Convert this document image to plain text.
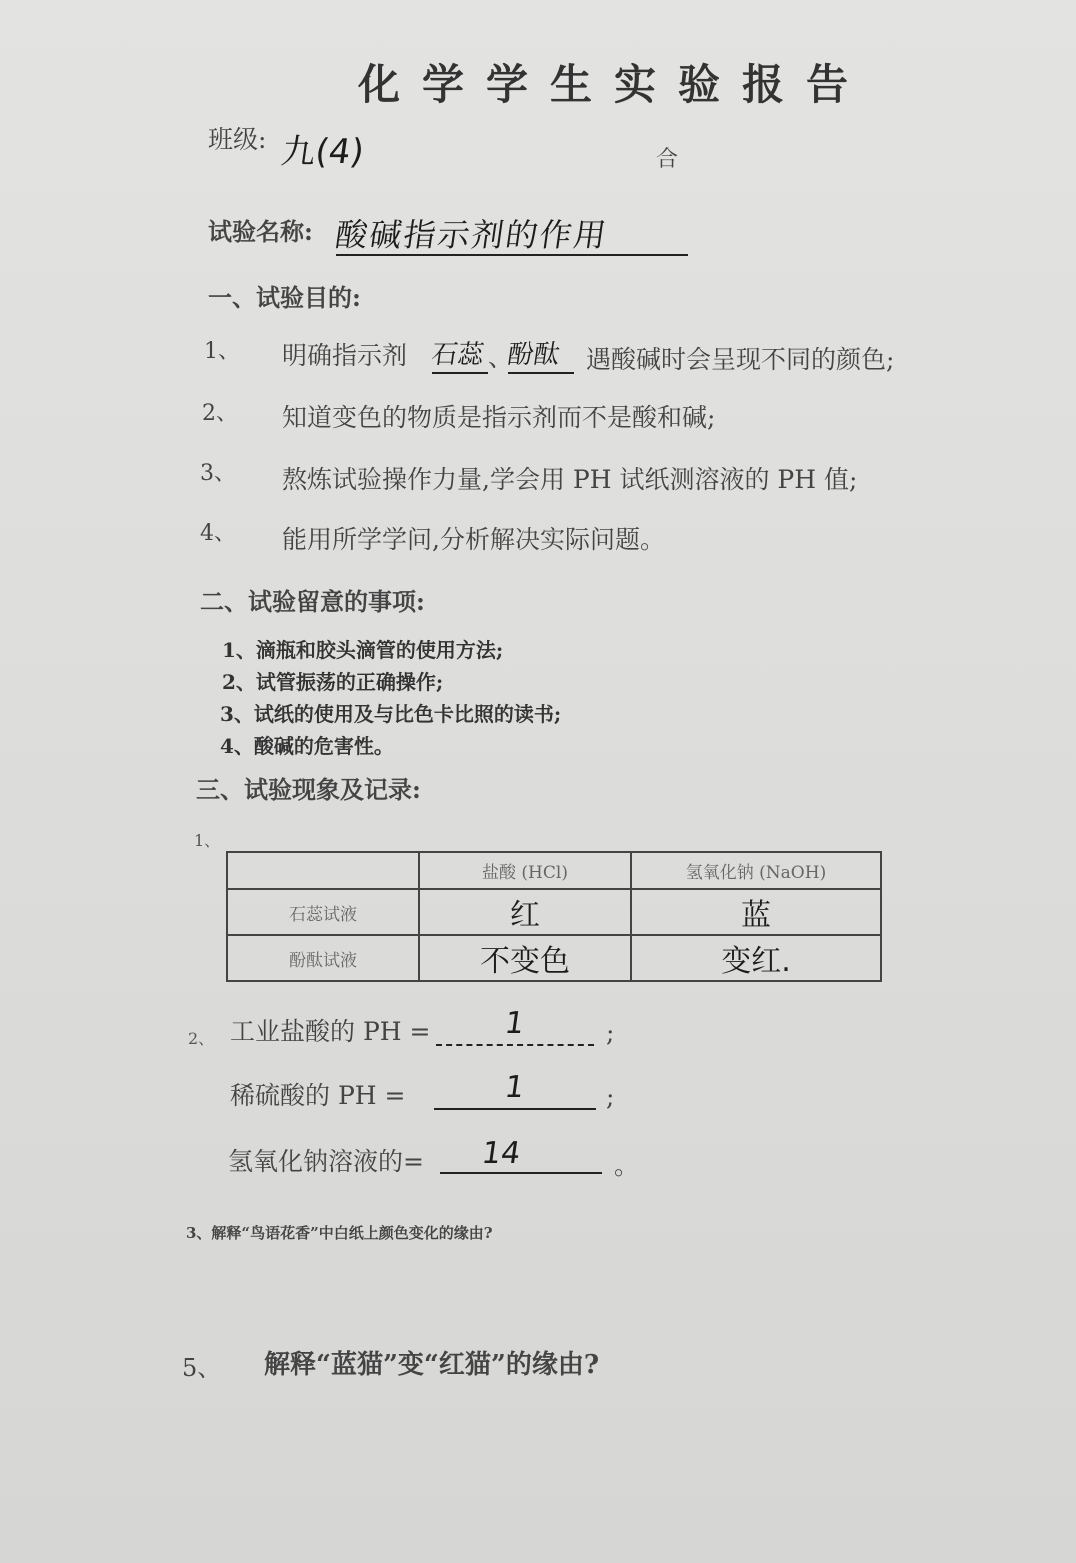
化学学生实验报告
班级: 九(4)	合
试验名称: 酸碱指示剂的作用
一、试验目的:
1、 明确指示剂 石蕊 、
酚酞 遇酸碱时会呈现不同的颜色;
2、 知道变色的物质是指示剂而不是酸和碱;
3、 熬炼试验操作力量,学会用 PH 试纸测溶液的 PH 值;
4、 能用所学学问,分析解决实际问题。
二、试验留意的事项:
1、滴瓶和胶头滴管的使用方法;
2、试管振荡的正确操作;
3、试纸的使用及与比色卡比照的读书;
4、酸碱的危害性。
三、试验现象及记录:
1、
	盐酸 (HCl)	氢氧化钠 (NaOH)
石蕊试液	红	蓝
酚酞试液	不变色	变红.
2、 工业盐酸的 PH =	1	;
稀硫酸的 PH =	1	;
氢氧化钠溶液的=	14	。
3、解释“鸟语花香”中白纸上颜色变化的缘由?
5、 解释“蓝猫”变“红猫”的缘由?
